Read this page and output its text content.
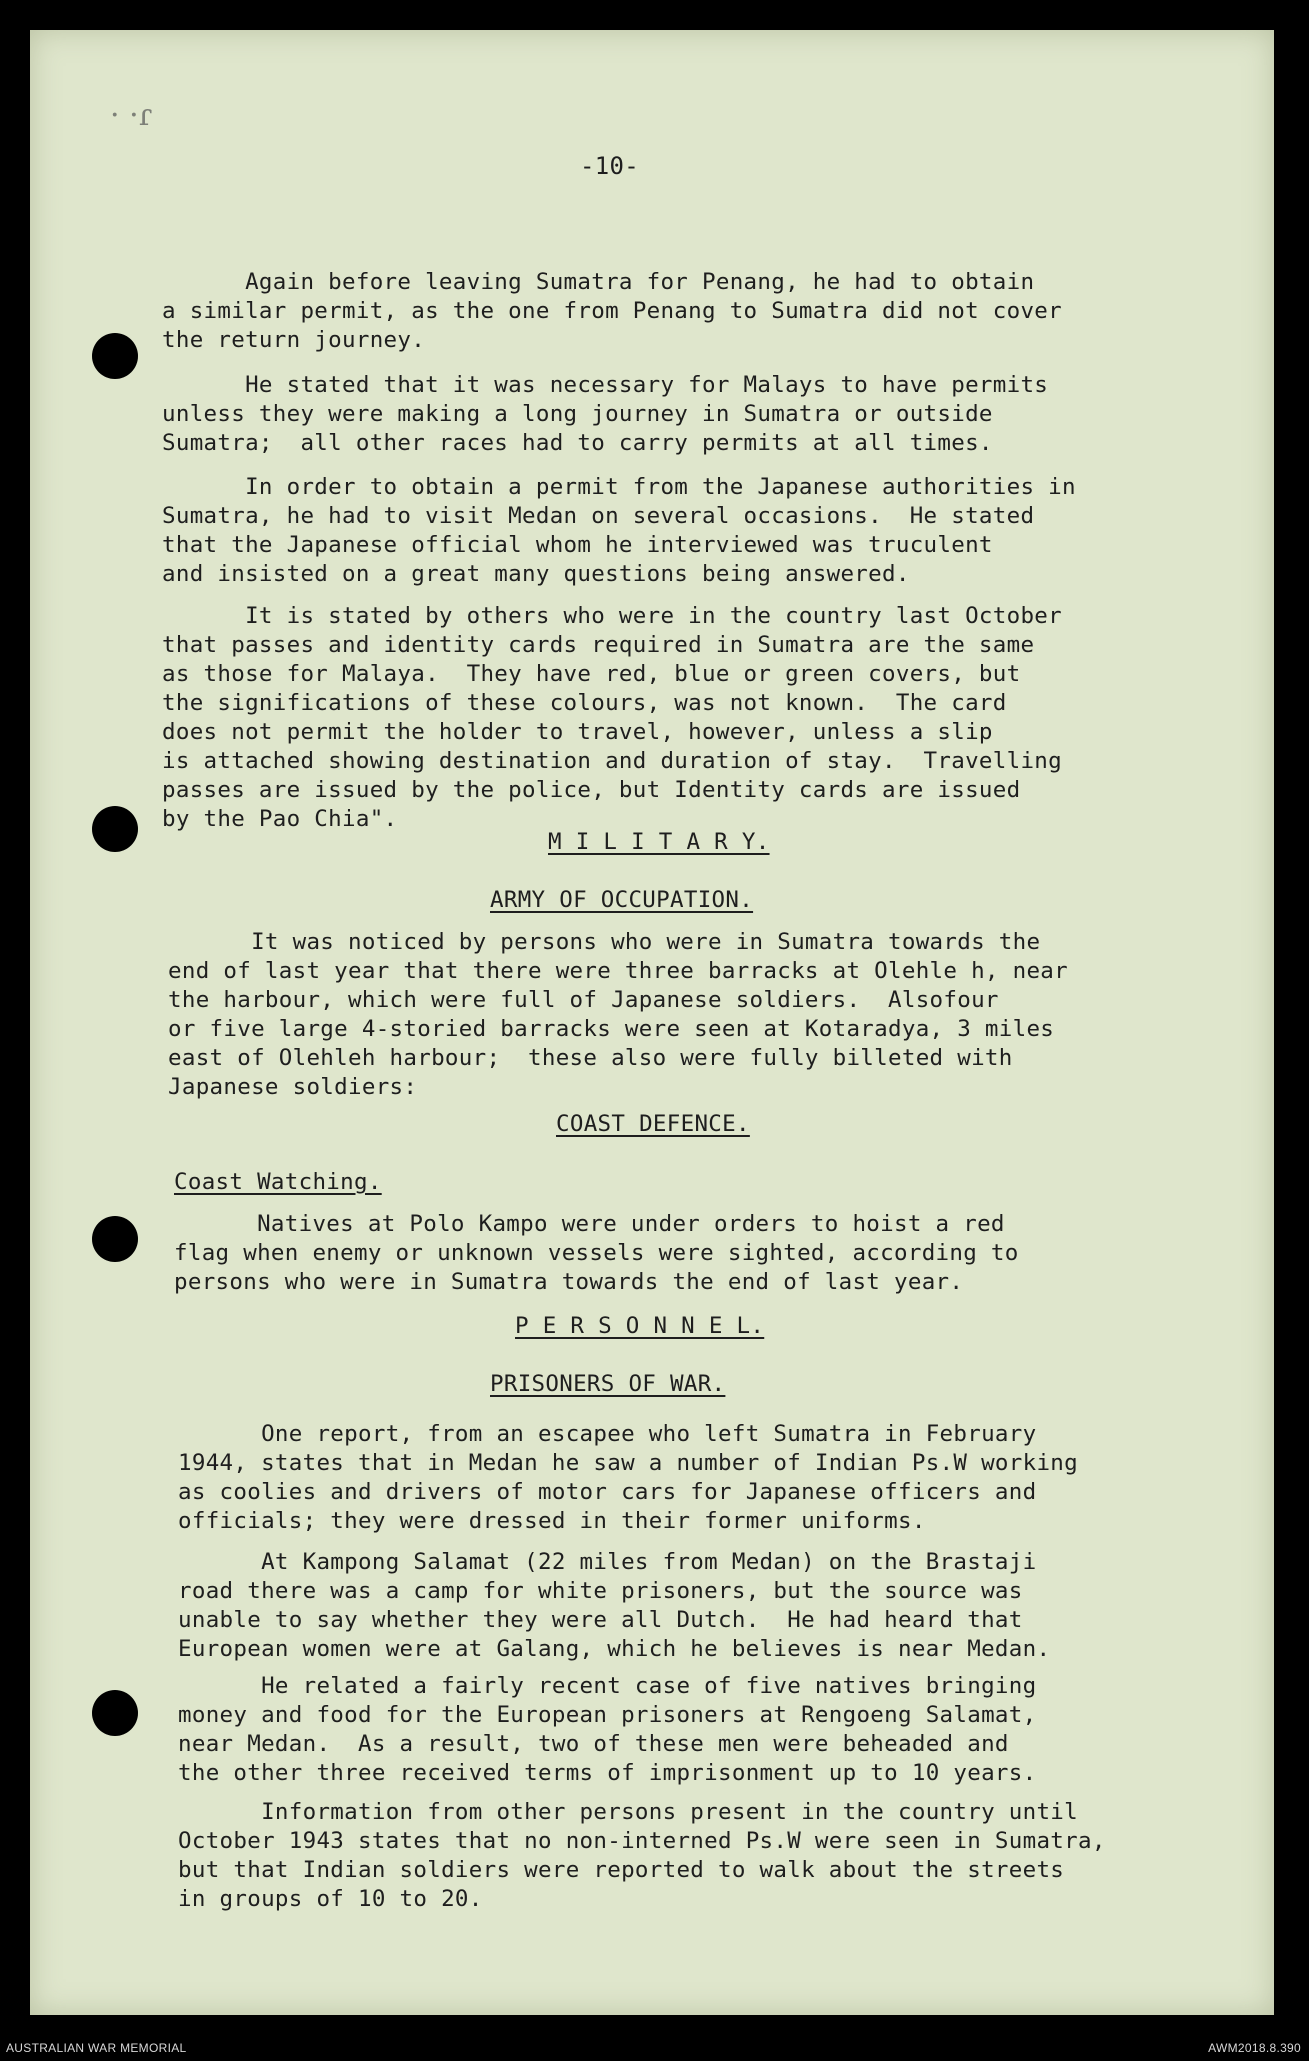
· ·ɾ
-10-
Again before leaving Sumatra for Penang, he had to obtain
a similar permit, as the one from Penang to Sumatra did not cover
the return journey.
He stated that it was necessary for Malays to have permits
unless they were making a long journey in Sumatra or outside
Sumatra;  all other races had to carry permits at all times.
In order to obtain a permit from the Japanese authorities in
Sumatra, he had to visit Medan on several occasions.  He stated
that the Japanese official whom he interviewed was truculent
and insisted on a great many questions being answered.
It is stated by others who were in the country last October
that passes and identity cards required in Sumatra are the same
as those for Malaya.  They have red, blue or green covers, but
the significations of these colours, was not known.  The card
does not permit the holder to travel, however, unless a slip
is attached showing destination and duration of stay.  Travelling
passes are issued by the police, but Identity cards are issued
by the Pao Chia".
M I L I T A R Y.
ARMY OF OCCUPATION.
It was noticed by persons who were in Sumatra towards the
end of last year that there were three barracks at Olehle h, near
the harbour, which were full of Japanese soldiers.  Alsofour
or five large 4-storied barracks were seen at Kotaradya, 3 miles
east of Olehleh harbour;  these also were fully billeted with
Japanese soldiers:
COAST DEFENCE.
Coast Watching.
Natives at Polo Kampo were under orders to hoist a red
flag when enemy or unknown vessels were sighted, according to
persons who were in Sumatra towards the end of last year.
P E R S O N N E L.
PRISONERS OF WAR.
One report, from an escapee who left Sumatra in February
1944, states that in Medan he saw a number of Indian Ps.W working
as coolies and drivers of motor cars for Japanese officers and
officials; they were dressed in their former uniforms.
At Kampong Salamat (22 miles from Medan) on the Brastaji
road there was a camp for white prisoners, but the source was
unable to say whether they were all Dutch.  He had heard that
European women were at Galang, which he believes is near Medan.
He related a fairly recent case of five natives bringing
money and food for the European prisoners at Rengoeng Salamat,
near Medan.  As a result, two of these men were beheaded and
the other three received terms of imprisonment up to 10 years.
Information from other persons present in the country until
October 1943 states that no non-interned Ps.W were seen in Sumatra,
but that Indian soldiers were reported to walk about the streets
in groups of 10 to 20.
AUSTRALIAN WAR MEMORIAL	AWM2018.8.390
